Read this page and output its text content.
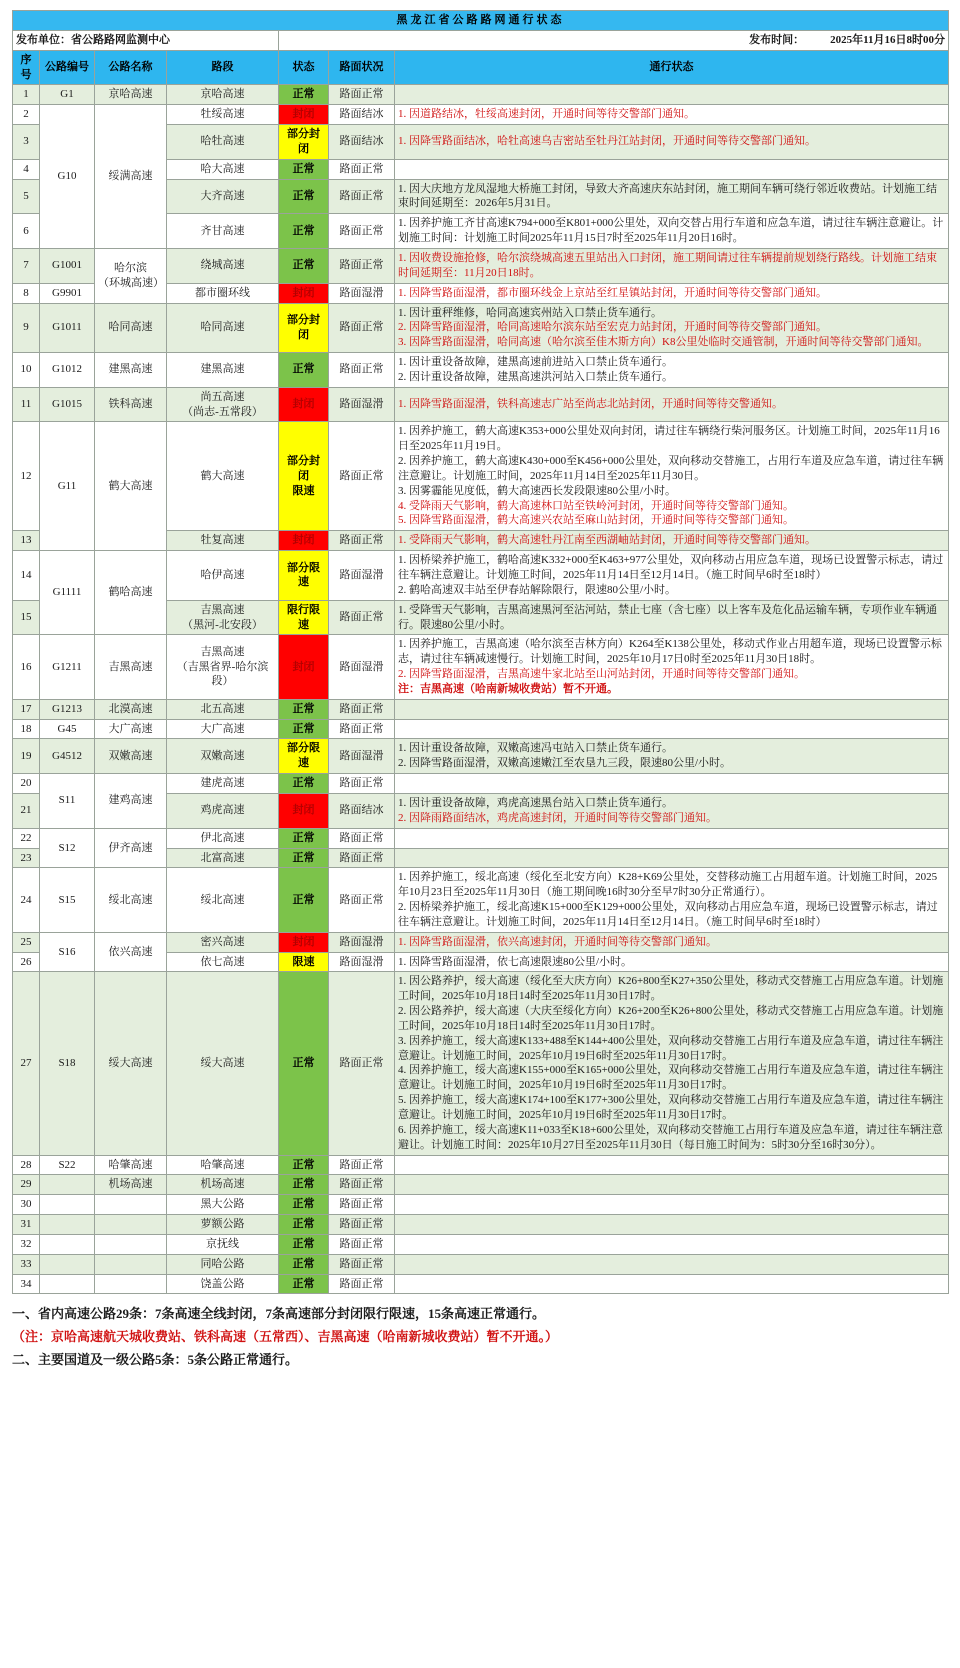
黑龙江省公路路网通行状态						
发布单位：省公路路网监测中心				发布时间： 2025年11月16日8时00分		
序号	公路编号	公路名称	路段	状态	路面状况	通行状态
1	G1	京哈高速	京哈高速	正常	路面正常	
2	G10	绥满高速	牡绥高速	封闭	路面结冰	1. 因道路结冰，牡绥高速封闭，开通时间等待交警部门通知。

3			哈牡高速	部分封闭	路面结冰	1. 因降雪路面结冰，哈牡高速乌吉密站至牡丹江站封闭，开通时间等待交警部门通知。

4			哈大高速	正常	路面正常	
5			大齐高速	正常	路面正常	1. 因大庆地方龙凤湿地大桥施工封闭，导致大齐高速庆东站封闭，施工期间车辆可绕行邻近收费站。计划施工结束时间延期至：2026年5月31日。

6			齐甘高速	正常	路面正常	1. 因养护施工齐甘高速K794+000至K801+000公里处，双向交替占用行车道和应急车道，请过往车辆注意避让。计划施工时间：计划施工时间2025年11月15日7时至2025年11月20日16时。

7	G1001	哈尔滨
（环城高速）	绕城高速	正常	路面正常	1. 因收费设施抢修，哈尔滨绕城高速五里站出入口封闭，施工期间请过往车辆提前规划绕行路线。计划施工结束时间延期至：11月20日18时。

8	G9901		都市圈环线	封闭	路面湿滑	1. 因降雪路面湿滑，都市圈环线金上京站至红星镇站封闭，开通时间等待交警部门通知。

9	G1011	哈同高速	哈同高速	部分封闭	路面正常	1. 因计重秤维修，哈同高速宾州站入口禁止货车通行。
2. 因降雪路面湿滑，哈同高速哈尔滨东站至宏克力站封闭，开通时间等待交警部门通知。
3. 因降雪路面湿滑，哈同高速（哈尔滨至佳木斯方向）K8公里处临时交通管制，开通时间等待交警部门通知。

10	G1012	建黑高速	建黑高速	正常	路面正常	1. 因计重设备故障，建黑高速前进站入口禁止货车通行。
2. 因计重设备故障，建黑高速洪河站入口禁止货车通行。

11	G1015	铁科高速	尚五高速
（尚志-五常段）	封闭	路面湿滑	1. 因降雪路面湿滑，铁科高速志广站至尚志北站封闭，开通时间等待交警通知。

12	G11	鹤大高速	鹤大高速	部分封闭
限速	路面正常	1. 因养护施工，鹤大高速K353+000公里处双向封闭，请过往车辆绕行柴河服务区。计划施工时间，2025年11月16日至2025年11月19日。
2. 因养护施工，鹤大高速K430+000至K456+000公里处，双向移动交替施工，占用行车道及应急车道，请过往车辆注意避让。计划施工时间，2025年11月14日至2025年11月30日。
3. 因雾霾能见度低，鹤大高速西长发段限速80公里/小时。
4. 受降雨天气影响，鹤大高速林口站至铁岭河封闭，开通时间等待交警部门通知。
5. 因降雪路面湿滑，鹤大高速兴农站至麻山站封闭，开通时间等待交警部门通知。

13			牡复高速	封闭	路面正常	1. 受降雨天气影响，鹤大高速牡丹江南至西湖岫站封闭，开通时间等待交警部门通知。

14	G1111	鹤哈高速	哈伊高速	部分限速	路面湿滑	1. 因桥梁养护施工，鹤哈高速K332+000至K463+977公里处，双向移动占用应急车道，现场已设置警示标志，请过往车辆注意避让。计划施工时间，2025年11月14日至12月14日。（施工时间早6时至18时）
2. 鹤哈高速双丰站至伊春站解除限行，限速80公里/小时。

15			吉黑高速
（黑河-北安段）	限行限速	路面正常	1. 受降雪天气影响，吉黑高速黑河至沾河站，禁止七座（含七座）以上客车及危化品运输车辆，专项作业车辆通行。限速80公里/小时。

16	G1211	吉黑高速	吉黑高速
（吉黑省界-哈尔滨段）	封闭	路面湿滑	1. 因养护施工，吉黑高速（哈尔滨至吉林方向）K264至K138公里处，移动式作业占用超车道，现场已设置警示标志，请过往车辆减速慢行。计划施工时间，2025年10月17日0时至2025年11月30日18时。
2. 因降雪路面湿滑，吉黑高速牛家北站至山河站封闭，开通时间等待交警部门通知。
注：吉黑高速（哈南新城收费站）暂不开通。

17	G1213	北漠高速	北五高速	正常	路面正常	
18	G45	大广高速	大广高速	正常	路面正常	
19	G4512	双嫩高速	双嫩高速	部分限速	路面湿滑	1. 因计重设备故障，双嫩高速冯屯站入口禁止货车通行。
2. 因降雪路面湿滑，双嫩高速嫩江至农垦九三段，限速80公里/小时。

20	S11	建鸡高速	建虎高速	正常	路面正常	
21			鸡虎高速	封闭	路面结冰	1. 因计重设备故障，鸡虎高速黑台站入口禁止货车通行。
2. 因降雨路面结冰，鸡虎高速封闭，开通时间等待交警部门通知。

22	S12	伊齐高速	伊北高速	正常	路面正常	
23			北富高速	正常	路面正常	
24	S15	绥北高速	绥北高速	正常	路面正常	1. 因养护施工，绥北高速（绥化至北安方向）K28+K69公里处，交替移动施工占用超车道。计划施工时间，2025年10月23日至2025年11月30日（施工期间晚16时30分至早7时30分正常通行）。
2. 因桥梁养护施工，绥北高速K15+000至K129+000公里处，双向移动占用应急车道，现场已设置警示标志，请过往车辆注意避让。计划施工时间，2025年11月14日至12月14日。（施工时间早6时至18时）

25	S16	依兴高速	密兴高速	封闭	路面湿滑	1. 因降雪路面湿滑，依兴高速封闭，开通时间等待交警部门通知。

26			依七高速	限速	路面湿滑	1. 因降雪路面湿滑，依七高速限速80公里/小时。

27	S18	绥大高速	绥大高速	正常	路面正常	
1. 因公路养护，绥大高速（绥化至大庆方向）K26+800至K27+350公里处，移动式交替施工占用应急车道。计划施工时间，2025年10月18日14时至2025年11月30日17时。
2. 因公路养护，绥大高速（大庆至绥化方向）K26+200至K26+800公里处，移动式交替施工占用应急车道。计划施工时间，2025年10月18日14时至2025年11月30日17时。
3. 因养护施工，绥大高速K133+488至K144+400公里处，双向移动交替施工占用行车道及应急车道，请过往车辆注意避让。计划施工时间，2025年10月19日6时至2025年11月30日17时。
4. 因养护施工，绥大高速K155+000至K165+000公里处，双向移动交替施工占用行车道及应急车道，请过往车辆注意避让。计划施工时间，2025年10月19日6时至2025年11月30日17时。
5. 因养护施工，绥大高速K174+100至K177+300公里处，双向移动交替施工占用行车道及应急车道，请过往车辆注意避让。计划施工时间，2025年10月19日6时至2025年11月30日17时。
6. 因养护施工，绥大高速K11+033至K18+600公里处，双向移动交替施工占用行车道及应急车道，请过往车辆注意避让。计划施工时间：2025年10月27日至2025年11月30日（每日施工时间为：5时30分至16时30分）。

28	S22	哈肇高速	哈肇高速	正常	路面正常	
29		机场高速	机场高速	正常	路面正常	
30			黑大公路	正常	路面正常	
31			萝额公路	正常	路面正常	
32			京抚线	正常	路面正常	
33			同哈公路	正常	路面正常	
34			饶盖公路	正常	路面正常	
一、省内高速公路29条：7条高速全线封闭，7条高速部分封闭限行限速，15条高速正常通行。
（注：京哈高速航天城收费站、铁科高速（五常西）、吉黑高速（哈南新城收费站）暂不开通。）
二、主要国道及一级公路5条：5条公路正常通行。
